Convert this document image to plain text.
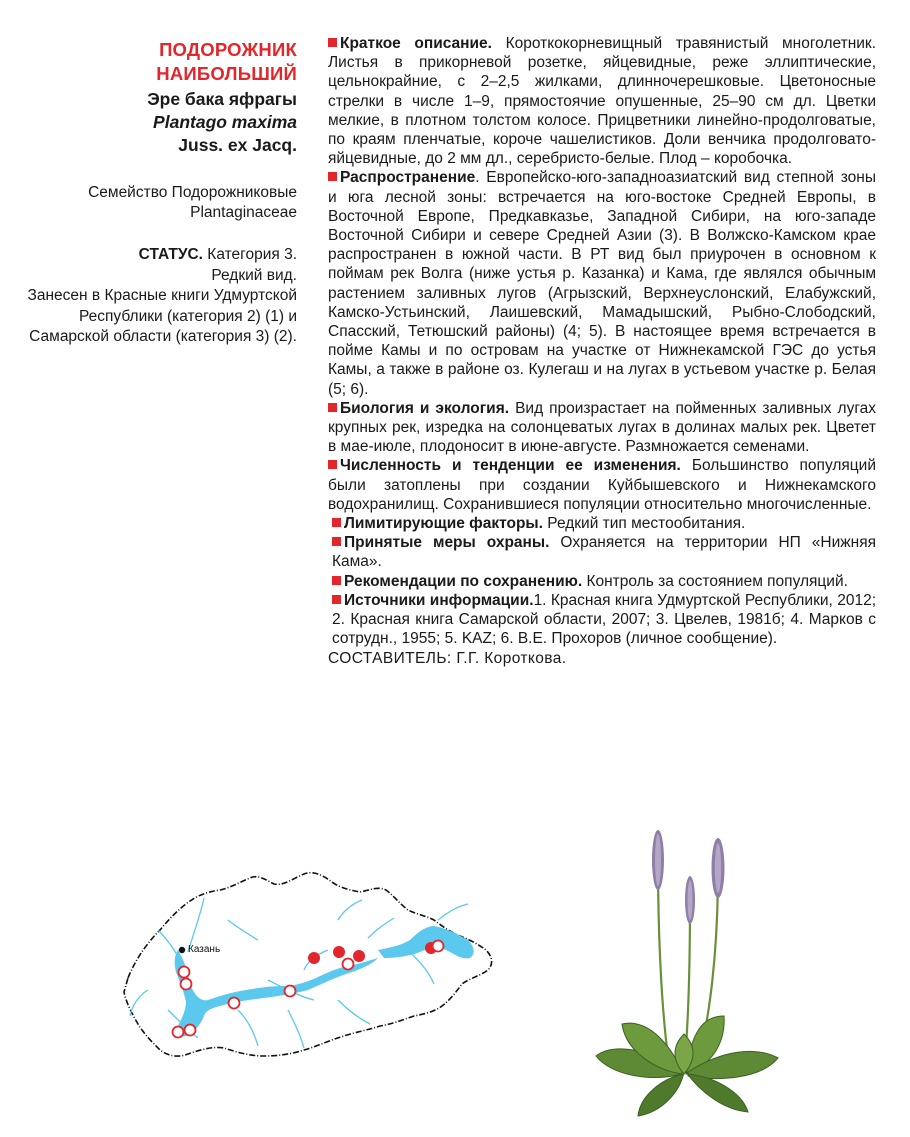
ПОДОРОЖНИК
НАИБОЛЬШИЙ
Эре бака яфрагы
Plantago maxima
Juss. ex Jacq.
Семейство Подорожниковые
Plantaginaceae
СТАТУС. Категория 3.
Редкий вид.
Занесен в Красные книги Удмуртской Республики (категория 2) (1) и Самарской области (категория 3) (2).

Краткое описание. Короткокорневищный травянистый многолетник. Листья в прикорневой розетке, яйцевидные, реже эллиптические, цельнокрайние, с 2–2,5 жилками, длинночерешковые. Цветоносные стрелки в числе 1–9, прямостоячие опушенные, 25–90 см дл. Цветки мелкие, в плотном толстом колосе. Прицветники линейно-продолговатые, по краям пленчатые, короче чашелистиков. Доли венчика продолговато-яйцевидные, до 2 мм дл., серебристо-белые. Плод – коробочка.

Распространение. Европейско-юго-западноазиатский вид степной зоны и юга лесной зоны: встречается на юго-востоке Средней Европы, в Восточной Европе, Предкавказье, Западной Сибири, на юго-западе Восточной Сибири и севере Средней Азии (3). В Волжско-Камском крае распространен в южной части. В РТ вид был приурочен в основном к поймам рек Волга (ниже устья р. Казанка) и Кама, где являлся обычным растением заливных лугов (Агрызский, Верхнеуслонский, Елабужский, Камско-Устьинский, Лаишевский, Мамадышский, Рыбно-Слободский, Спасский, Тетюшский районы) (4; 5). В настоящее время встречается в пойме Камы и по островам на участке от Нижнекамской ГЭС до устья Камы, а также в районе оз. Кулегаш и на лугах в устьевом участке р. Белая (5; 6).

Биология и экология. Вид произрастает на пойменных заливных лугах крупных рек, изредка на солонцеватых лугах в долинах малых рек. Цветет в мае-июле, плодоносит в июне-августе. Размножается семенами.

Численность и тенденции ее изменения. Большинство популяций были затоплены при создании Куйбышевского и Нижнекамского водохранилищ. Сохранившиеся популяции относительно многочисленные.

Лимитирующие факторы. Редкий тип местообитания.

Принятые меры охраны. Охраняется на территории НП «Нижняя Кама».

Рекомендации по сохранению. Контроль за состоянием популяций.

Источники информации.1. Красная книга Удмуртской Республики, 2012; 2. Красная книга Самарской области, 2007; 3. Цвелев, 1981б; 4. Марков с сотрудн., 1955; 5. KAZ; 6. В.Е. Прохоров (личное сообщение).

СОСТАВИТЕЛЬ: Г.Г. Короткова.

Казань
